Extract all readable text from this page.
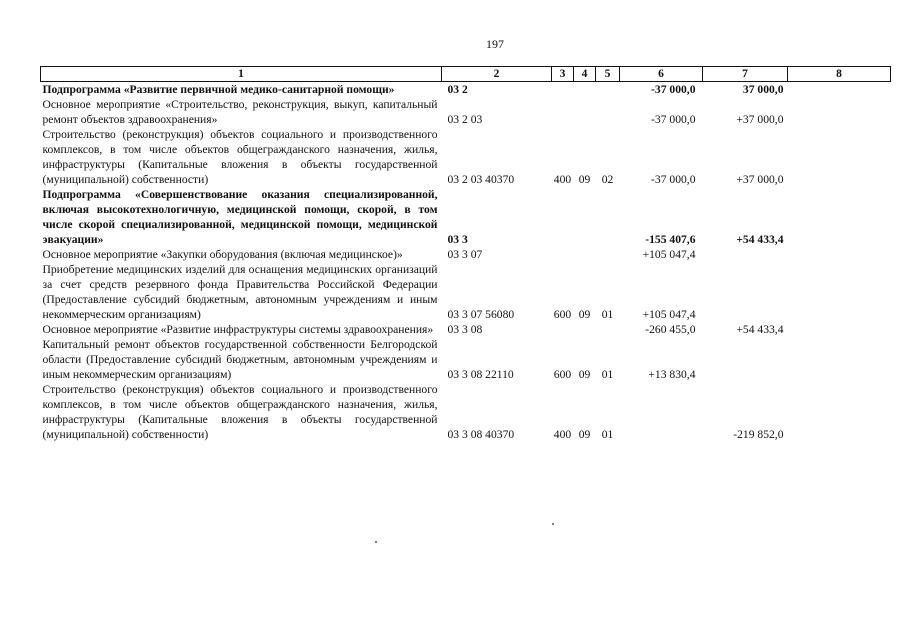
197
1	2	3	4	5	6	7	8
Подпрограмма «Развитие первичной медико-санитарной помощи»	03 2				-37 000,0	37 000,0	
Основное мероприятие «Строительство, реконструкция, выкуп, капитальный ремонт объектов здравоохранения»	03 2 03				-37 000,0	+37 000,0	
Строительство (реконструкция) объектов социального и производственного комплексов, в том числе объектов общегражданского назначения, жилья, инфраструктуры (Капитальные вложения в объекты государственной (муниципальной) собственности)	03 2 03 40370	400	09	02	-37 000,0	+37 000,0	
Подпрограмма «Совершенствование оказания специализированной, включая высокотехнологичную, медицинской помощи, скорой, в том числе скорой специализированной, медицинской помощи, медицинской эвакуации»	03 3				-155 407,6	+54 433,4	
Основное мероприятие «Закупки оборудования (включая медицинское)»	03 3 07				+105 047,4		
Приобретение медицинских изделий для оснащения медицинских организаций за счет средств резервного фонда Правительства Российской Федерации (Предоставление субсидий бюджетным, автономным учреждениям и иным некоммерческим организациям)	03 3 07 56080	600	09	01	+105 047,4		
Основное мероприятие «Развитие инфраструктуры системы здравоохранения»	03 3 08				-260 455,0	+54 433,4	
Капитальный ремонт объектов государственной собственности Белгородской области (Предоставление субсидий бюджетным, автономным учреждениям и иным некоммерческим организациям)	03 3 08 22110	600	09	01	+13 830,4		
Строительство (реконструкция) объектов социального и производственного комплексов, в том числе объектов общегражданского назначения, жилья, инфраструктуры (Капитальные вложения в объекты государственной (муниципальной) собственности)	03 3 08 40370	400	09	01		-219 852,0	
